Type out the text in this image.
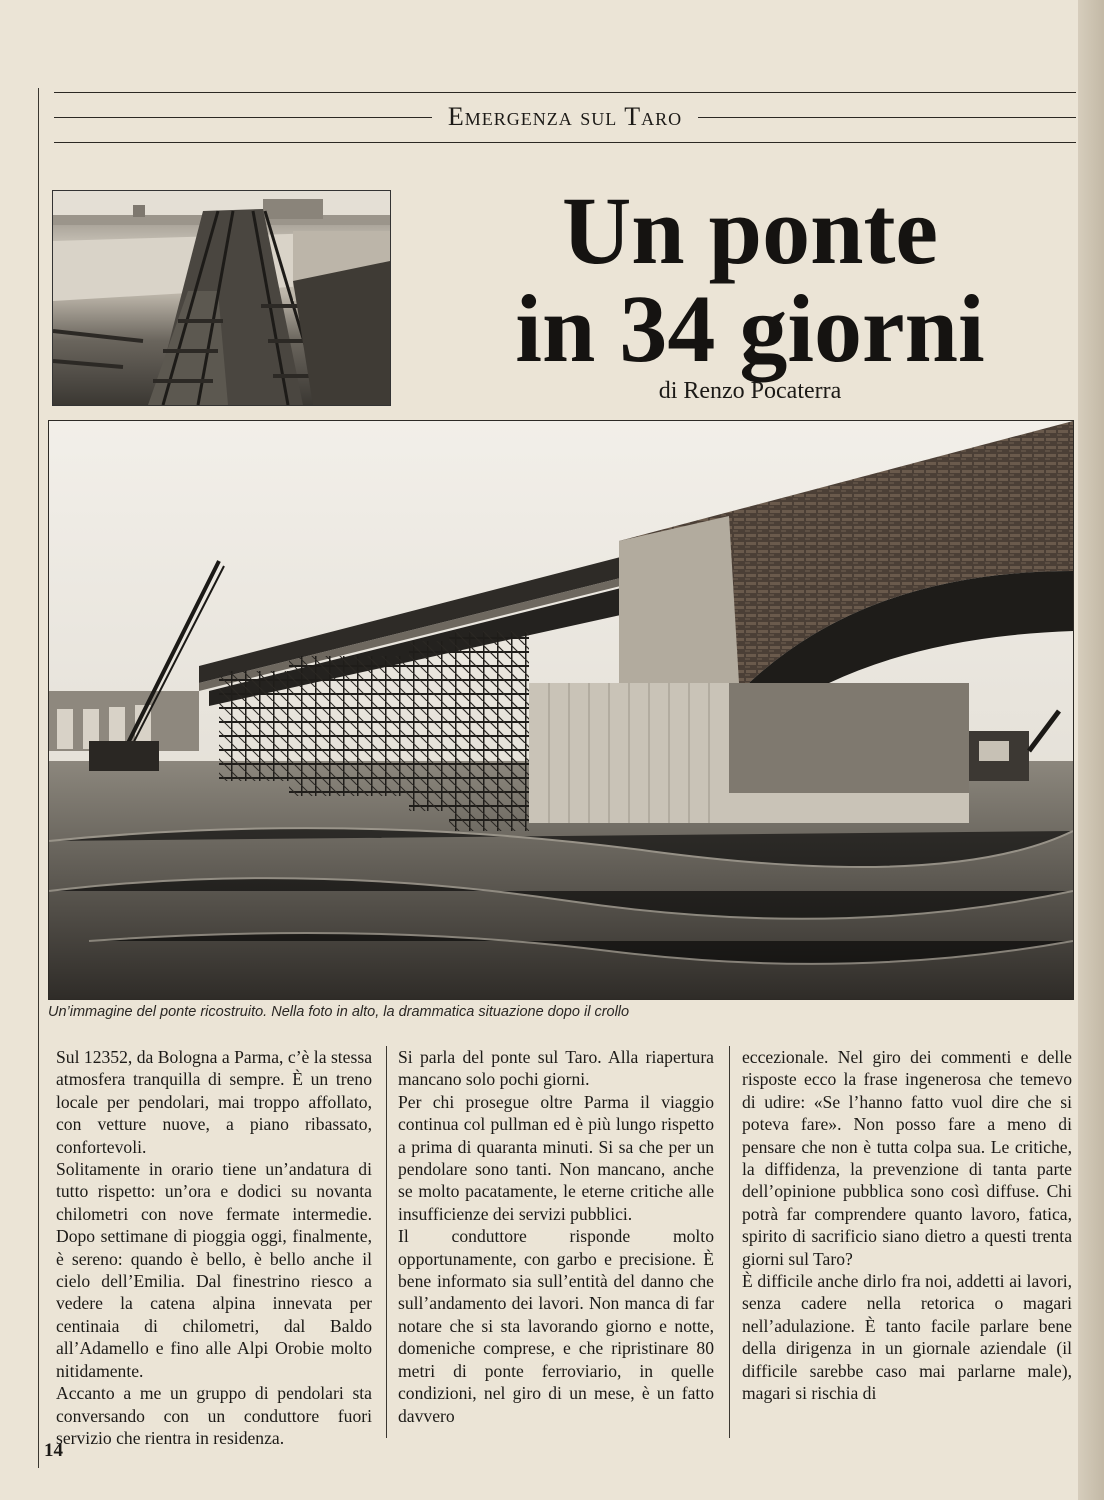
Emergenza sul Taro
Un ponte
in 34 giorni
di Renzo Pocaterra
Un’immagine del ponte ricostruito. Nella foto in alto, la drammatica situazione dopo il crollo

Sul 12352, da Bologna a Parma, c’è la stessa atmosfera tranquilla di sempre. È un treno locale per pendolari, mai troppo affollato, con vetture nuove, a piano ribassato, confortevoli.

Solitamente in orario tiene un’andatura di tutto rispetto: un’ora e dodici su novanta chilometri con nove fermate intermedie. Dopo settimane di pioggia oggi, finalmente, è sereno: quando è bello, è bello anche il cielo dell’Emilia. Dal finestrino riesco a vedere la catena alpina innevata per centinaia di chilometri, dal Baldo all’Adamello e fino alle Alpi Orobie molto nitidamente.

Accanto a me un gruppo di pendolari sta conversando con un conduttore fuori servizio che rientra in residenza.

Si parla del ponte sul Taro. Alla riapertura mancano solo pochi giorni.

Per chi prosegue oltre Parma il viaggio continua col pullman ed è più lungo rispetto a prima di quaranta minuti. Si sa che per un pendolare sono tanti. Non mancano, anche se molto pacatamente, le eterne critiche alle insufficienze dei servizi pubblici.

Il conduttore risponde molto opportunamente, con garbo e precisione. È bene informato sia sull’entità del danno che sull’andamento dei lavori. Non manca di far notare che si sta lavorando giorno e notte, domeniche comprese, e che ripristinare 80 metri di ponte ferroviario, in quelle condizioni, nel giro di un mese, è un fatto davvero

eccezionale. Nel giro dei commenti e delle risposte ecco la frase ingenerosa che temevo di udire: «Se l’hanno fatto vuol dire che si poteva fare». Non posso fare a meno di pensare che non è tutta colpa sua. Le critiche, la diffidenza, la prevenzione di tanta parte dell’opinione pubblica sono così diffuse. Chi potrà far comprendere quanto lavoro, fatica, spirito di sacrificio siano dietro a questi trenta giorni sul Taro?

È difficile anche dirlo fra noi, addetti ai lavori, senza cadere nella retorica o magari nell’adulazione. È tanto facile parlare bene della dirigenza in un giornale aziendale (il difficile sarebbe caso mai parlarne male), magari si rischia di

14
